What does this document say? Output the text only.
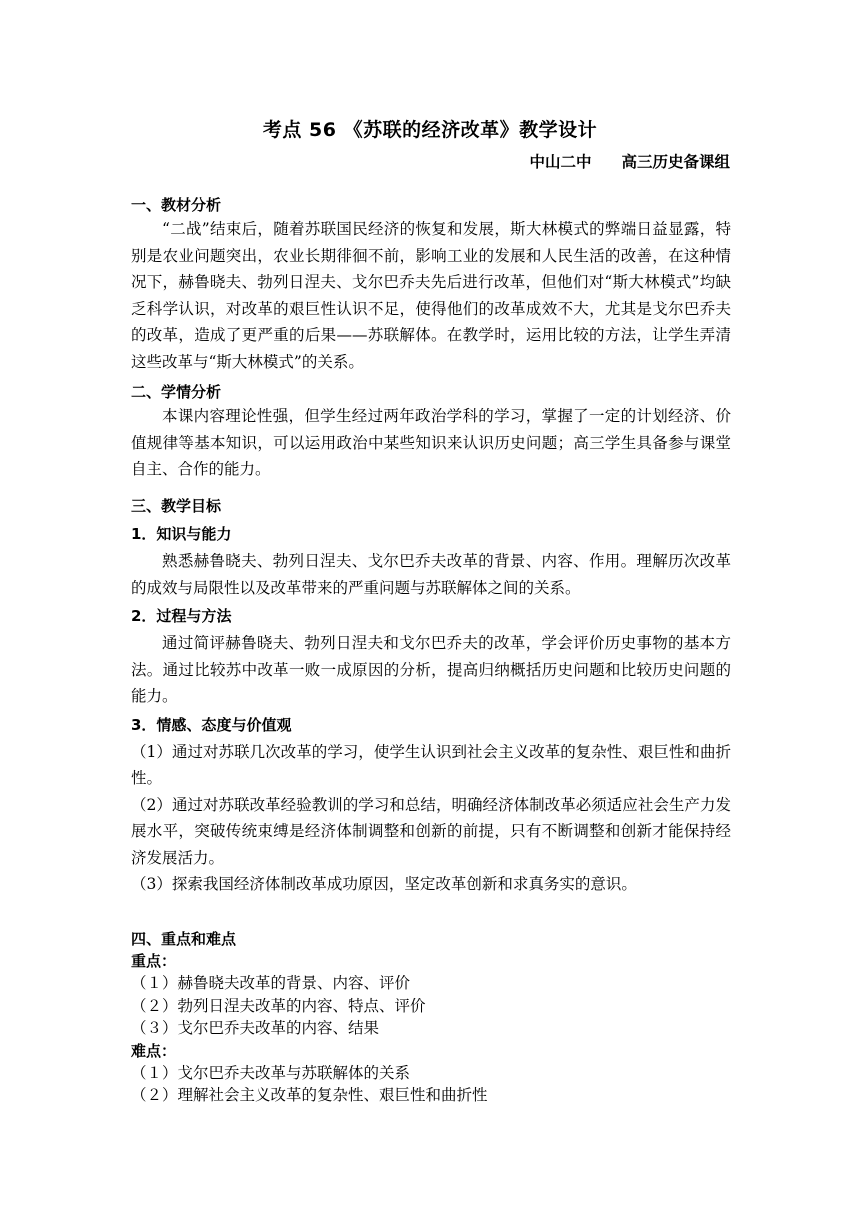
考点 56 《苏联的经济改革》教学设计
中山二中 高三历史备课组
一、教材分析

“二战”结束后，随着苏联国民经济的恢复和发展，斯大林模式的弊端日益显露，特别是农业问题突出，农业长期徘徊不前，影响工业的发展和人民生活的改善，在这种情况下，赫鲁晓夫、勃列日涅夫、戈尔巴乔夫先后进行改革，但他们对“斯大林模式”均缺乏科学认识，对改革的艰巨性认识不足，使得他们的改革成效不大，尤其是戈尔巴乔夫的改革，造成了更严重的后果——苏联解体。在教学时，运用比较的方法，让学生弄清这些改革与“斯大林模式”的关系。

二、学情分析

本课内容理论性强，但学生经过两年政治学科的学习，掌握了一定的计划经济、价值规律等基本知识，可以运用政治中某些知识来认识历史问题；高三学生具备参与课堂自主、合作的能力。

三、教学目标
1．知识与能力

熟悉赫鲁晓夫、勃列日涅夫、戈尔巴乔夫改革的背景、内容、作用。理解历次改革的成效与局限性以及改革带来的严重问题与苏联解体之间的关系。

2．过程与方法

通过简评赫鲁晓夫、勃列日涅夫和戈尔巴乔夫的改革，学会评价历史事物的基本方法。通过比较苏中改革一败一成原因的分析，提高归纳概括历史问题和比较历史问题的能力。

3．情感、态度与价值观

（1）通过对苏联几次改革的学习，使学生认识到社会主义改革的复杂性、艰巨性和曲折性。

（2）通过对苏联改革经验教训的学习和总结，明确经济体制改革必须适应社会生产力发展水平，突破传统束缚是经济体制调整和创新的前提，只有不断调整和创新才能保持经济发展活力。

（3）探索我国经济体制改革成功原因，坚定改革创新和求真务实的意识。

四、重点和难点
重点：

（１）赫鲁晓夫改革的背景、内容、评价

（２）勃列日涅夫改革的内容、特点、评价

（３）戈尔巴乔夫改革的内容、结果

难点：

（１）戈尔巴乔夫改革与苏联解体的关系

（２）理解社会主义改革的复杂性、艰巨性和曲折性
